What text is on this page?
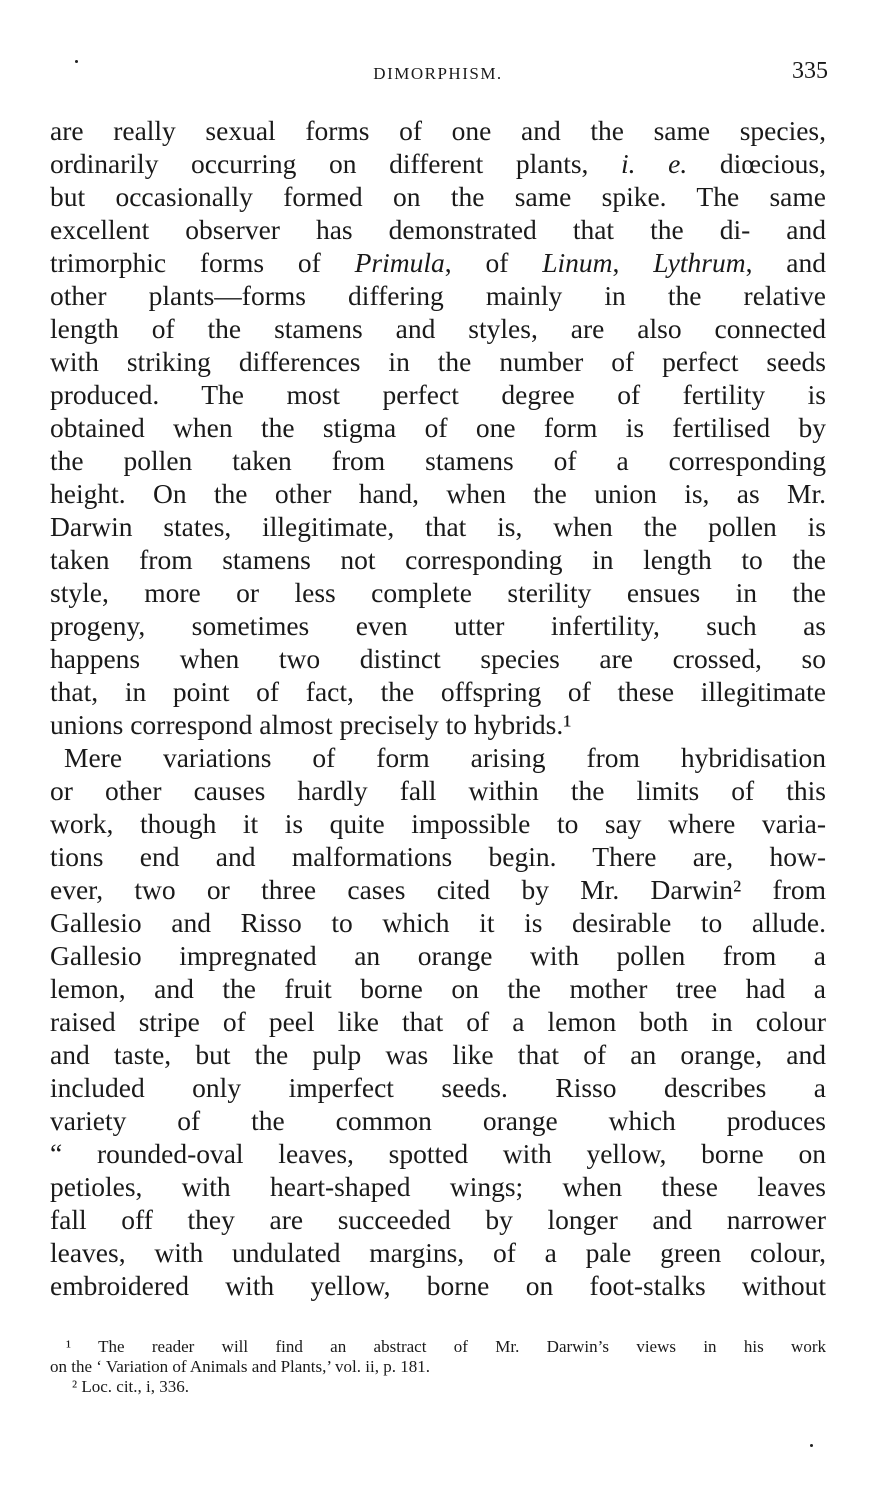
DIMORPHISM.	335
are really sexual forms of one and the same species,
ordinarily occurring on different plants, i. e. diœcious,
but occasionally formed on the same spike. The same
excellent observer has demonstrated that the di- and
trimorphic forms of Primula, of Linum, Lythrum, and
other plants—forms differing mainly in the relative
length of the stamens and styles, are also connected
with striking differences in the number of perfect seeds
produced. The most perfect degree of fertility is
obtained when the stigma of one form is fertilised by
the pollen taken from stamens of a corresponding
height. On the other hand, when the union is, as Mr.
Darwin states, illegitimate, that is, when the pollen is
taken from stamens not corresponding in length to the
style, more or less complete sterility ensues in the
progeny, sometimes even utter infertility, such as
happens when two distinct species are crossed, so
that, in point of fact, the offspring of these illegitimate
unions correspond almost precisely to hybrids.¹
Mere variations of form arising from hybridisation
or other causes hardly fall within the limits of this
work, though it is quite impossible to say where varia-
tions end and malformations begin. There are, how-
ever, two or three cases cited by Mr. Darwin² from
Gallesio and Risso to which it is desirable to allude.
Gallesio impregnated an orange with pollen from a
lemon, and the fruit borne on the mother tree had a
raised stripe of peel like that of a lemon both in colour
and taste, but the pulp was like that of an orange, and
included only imperfect seeds. Risso describes a
variety of the common orange which produces
“ rounded-oval leaves, spotted with yellow, borne on
petioles, with heart-shaped wings; when these leaves
fall off they are succeeded by longer and narrower
leaves, with undulated margins, of a pale green colour,
embroidered with yellow, borne on foot-stalks without
¹ The reader will find an abstract of Mr. Darwin’s views in his work
on the ‘ Variation of Animals and Plants,’ vol. ii, p. 181.
² Loc. cit., i, 336.
